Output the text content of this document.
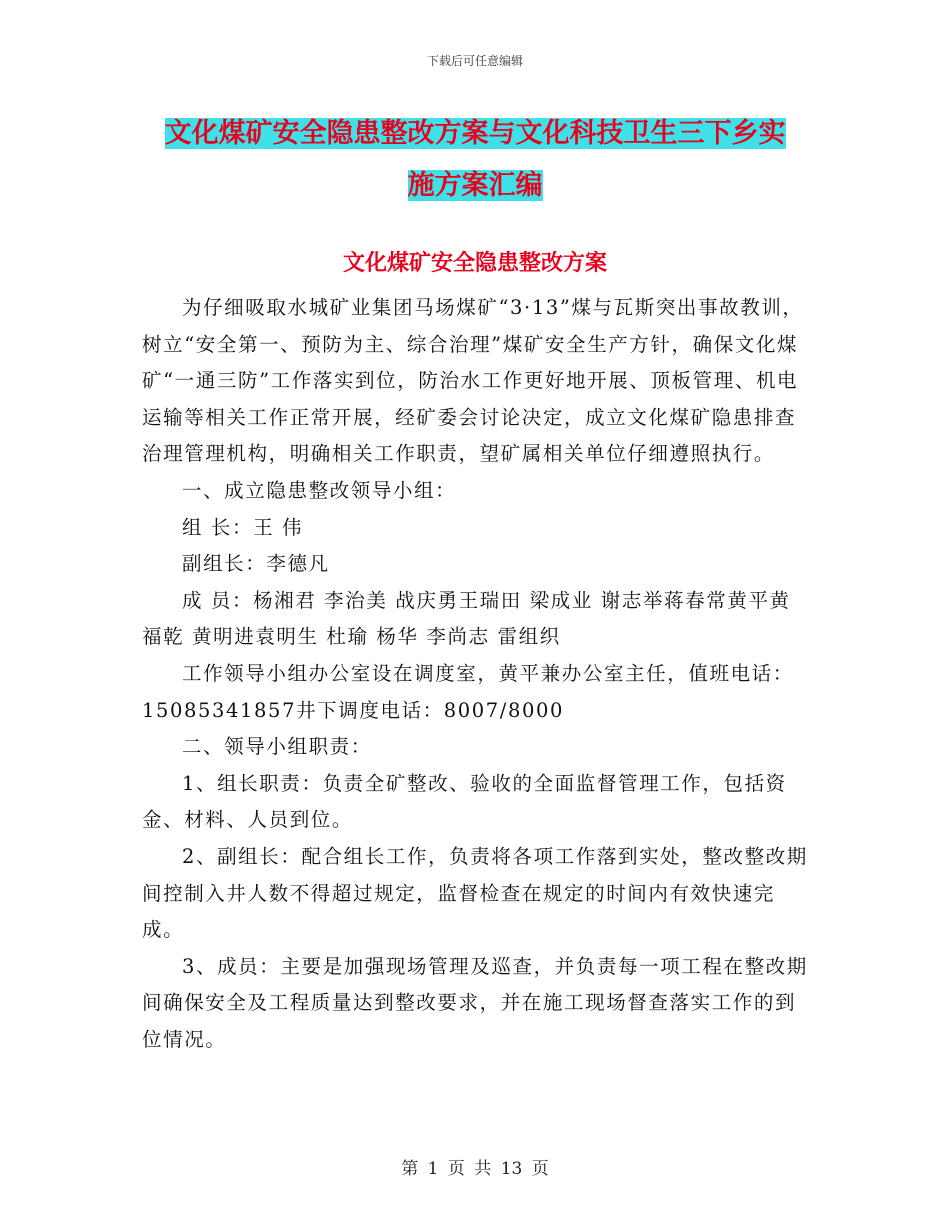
下载后可任意编辑
文化煤矿安全隐患整改方案与文化科技卫生三下乡实
施方案汇编
文化煤矿安全隐患整改方案

为仔细吸取水城矿业集团马场煤矿“3·13”煤与瓦斯突出事故教训，树立“安全第一、预防为主、综合治理”煤矿安全生产方针，确保文化煤矿“一通三防”工作落实到位，防治水工作更好地开展、顶板管理、机电运输等相关工作正常开展，经矿委会讨论决定，成立文化煤矿隐患排查治理管理机构，明确相关工作职责，望矿属相关单位仔细遵照执行。

一、成立隐患整改领导小组：

组 长：王 伟

副组长：李德凡

成 员：杨湘君 李治美 战庆勇王瑞田 梁成业 谢志举蒋春常黄平黄福乾 黄明进袁明生 杜瑜 杨华 李尚志 雷组织

工作领导小组办公室设在调度室，黄平兼办公室主任，值班电话：15085341857井下调度电话：8007/8000

二、领导小组职责：

1、组长职责：负责全矿整改、验收的全面监督管理工作，包括资金、材料、人员到位。

2、副组长：配合组长工作，负责将各项工作落到实处，整改整改期间控制入井人数不得超过规定，监督检查在规定的时间内有效快速完成。

3、成员：主要是加强现场管理及巡查，并负责每一项工程在整改期间确保安全及工程质量达到整改要求，并在施工现场督查落实工作的到位情况。

第 1 页 共 13 页
